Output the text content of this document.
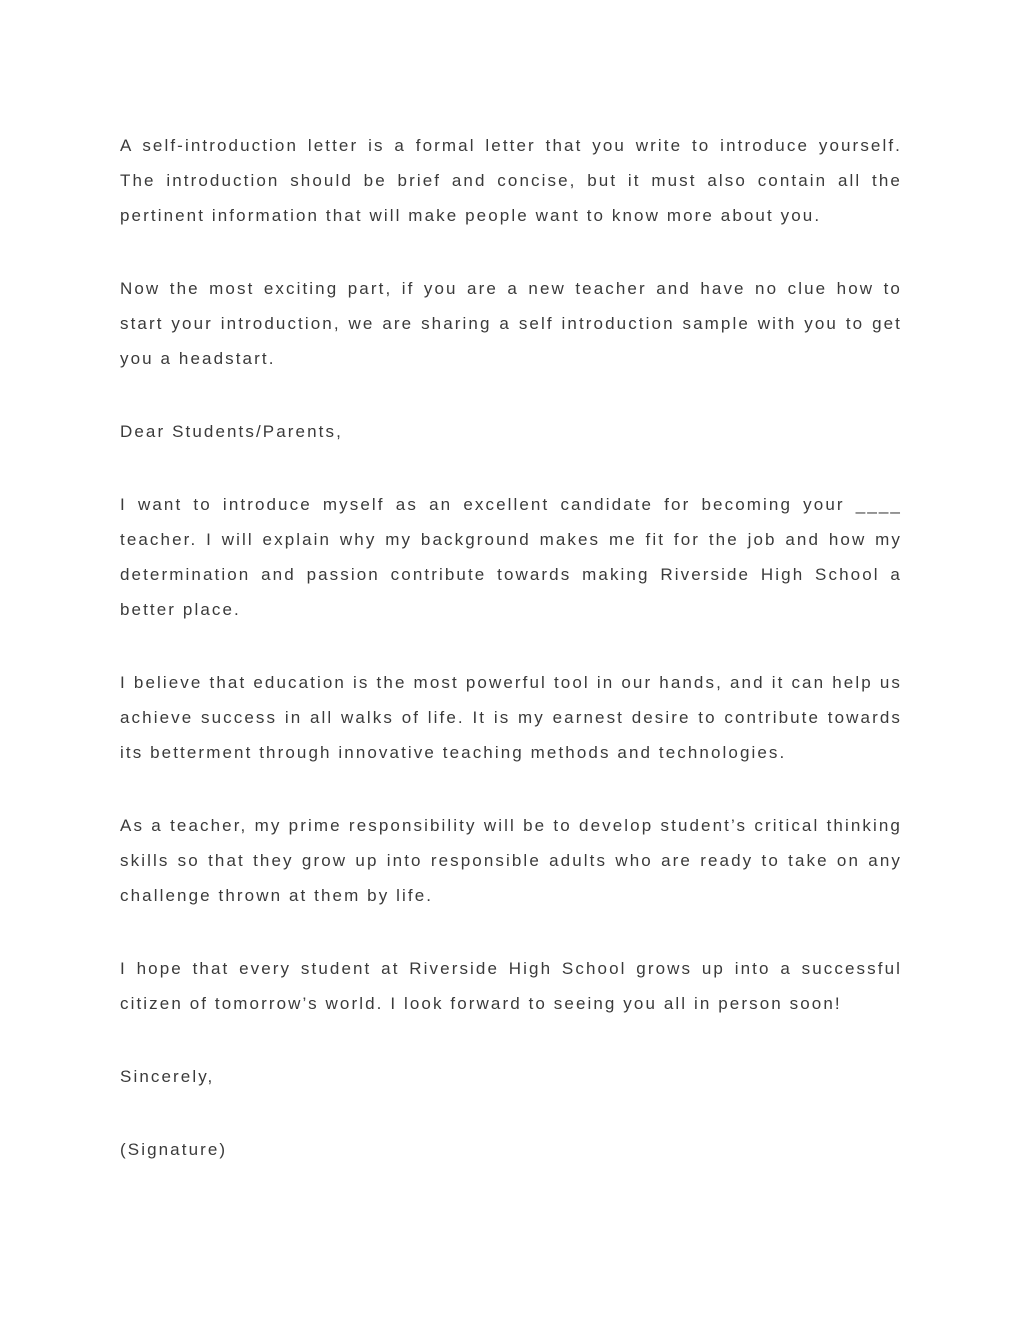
A self-introduction letter is a formal letter that you write to introduce yourself. The introduction should be brief and concise, but it must also contain all the pertinent information that will make people want to know more about you.

Now the most exciting part, if you are a new teacher and have no clue how to start your introduction, we are sharing a self introduction sample with you to get you a headstart.

Dear Students/Parents,

I want to introduce myself as an excellent candidate for becoming your ____ teacher. I will explain why my background makes me fit for the job and how my determination and passion contribute towards making Riverside High School a better place.

I believe that education is the most powerful tool in our hands, and it can help us achieve success in all walks of life. It is my earnest desire to contribute towards its betterment through innovative teaching methods and technologies.

As a teacher, my prime responsibility will be to develop student’s critical thinking skills so that they grow up into responsible adults who are ready to take on any challenge thrown at them by life.

I hope that every student at Riverside High School grows up into a successful citizen of tomorrow’s world. I look forward to seeing you all in person soon!

Sincerely,

(Signature)
